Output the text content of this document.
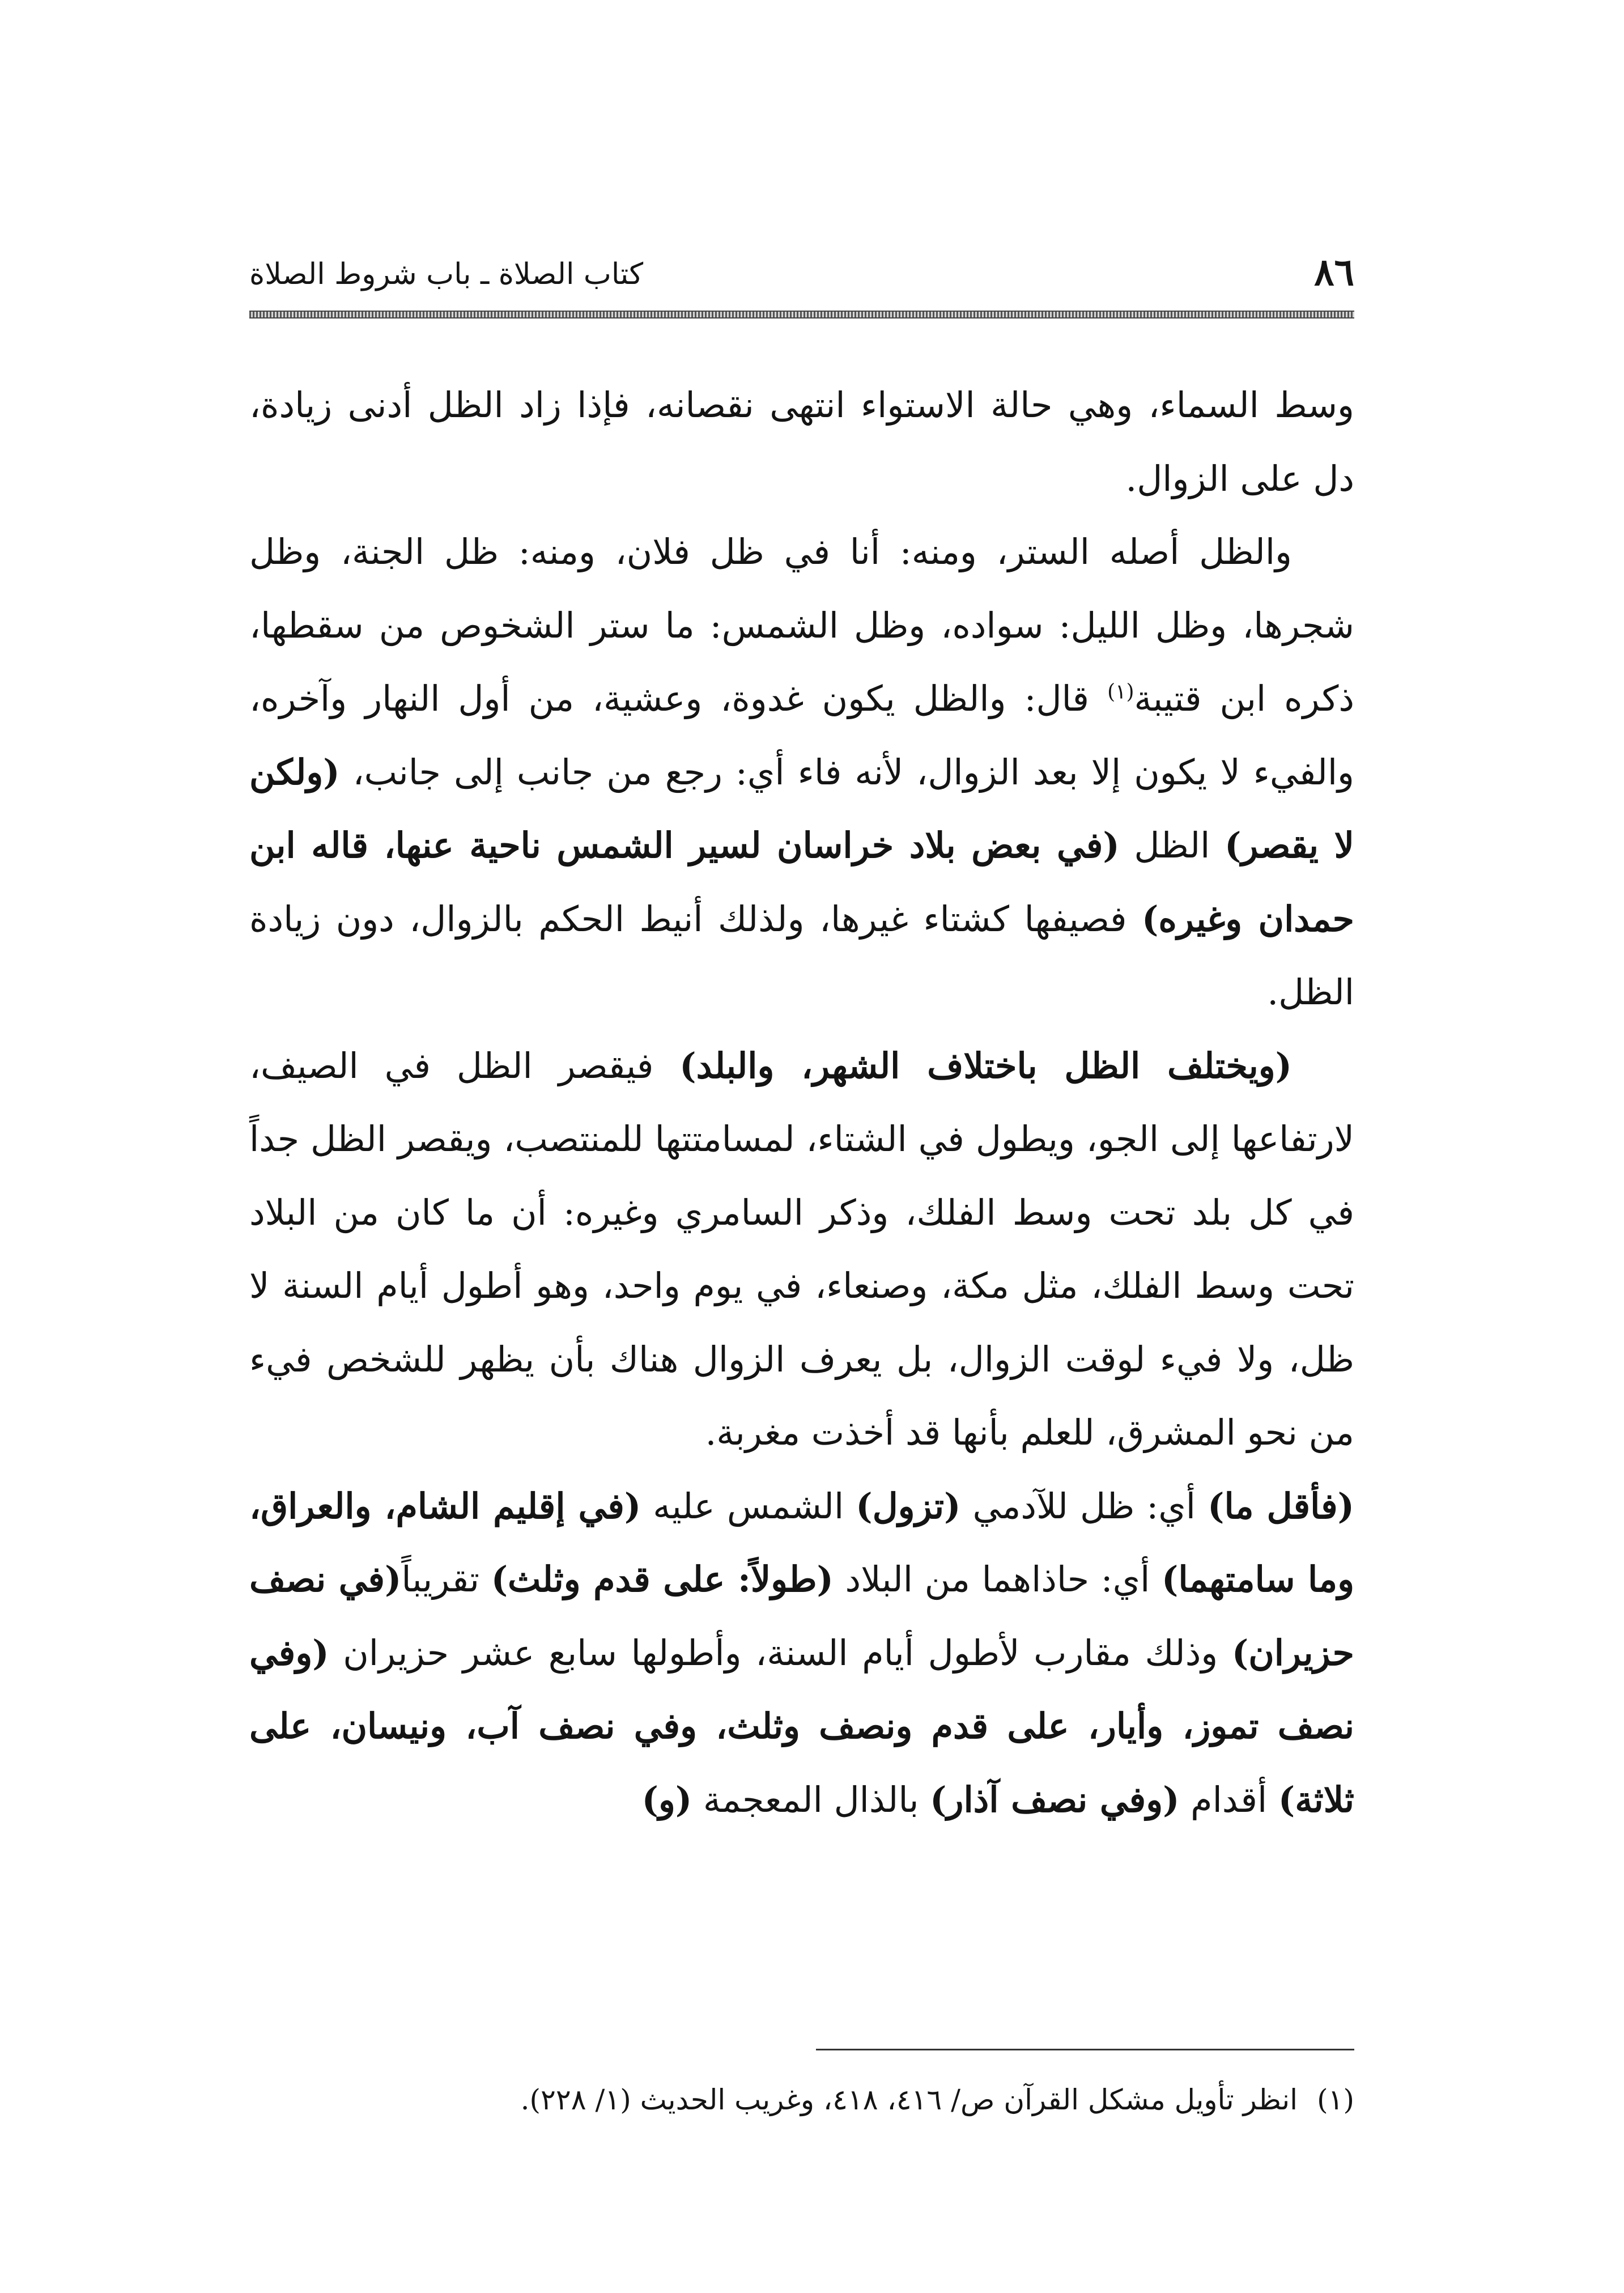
٨٦
كتاب الصلاة ـ باب شروط الصلاة

وسط السماء، وهي حالة الاستواء انتهى نقصانه، فإذا زاد الظل أدنى زيادة، دل على الزوال.

والظل أصله الستر، ومنه: أنا في ظل فلان، ومنه: ظل الجنة، وظل شجرها، وظل الليل: سواده، وظل الشمس: ما ستر الشخوص من سقطها، ذكره ابن قتيبة$^{(١)}$ قال: والظل يكون غدوة، وعشية، من أول النهار وآخره، والفيء لا يكون إلا بعد الزوال، لأنه فاء أي: رجع من جانب إلى جانب، (ولكن لا يقصر) الظل (في بعض بلاد خراسان لسير الشمس ناحية عنها، قاله ابن حمدان وغيره) فصيفها كشتاء غيرها، ولذلك أنيط الحكم بالزوال، دون زيادة الظل.

(ويختلف الظل باختلاف الشهر، والبلد) فيقصر الظل في الصيف، لارتفاعها إلى الجو، ويطول في الشتاء، لمسامتتها للمنتصب، ويقصر الظل جداً في كل بلد تحت وسط الفلك، وذكر السامري وغيره: أن ما كان من البلاد تحت وسط الفلك، مثل مكة، وصنعاء، في يوم واحد، وهو أطول أيام السنة لا ظل، ولا فيء لوقت الزوال، بل يعرف الزوال هناك بأن يظهر للشخص فيء من نحو المشرق، للعلم بأنها قد أخذت مغربة.

(فأقل ما) أي: ظل للآدمي (تزول) الشمس عليه (في إقليم الشام، والعراق، وما سامتهما) أي: حاذاهما من البلاد (طولاً: على قدم وثلث) تقريباً(في نصف حزيران) وذلك مقارب لأطول أيام السنة، وأطولها سابع عشر حزيران (وفي نصف تموز، وأيار، على قدم ونصف وثلث، وفي نصف آب، ونيسان، على ثلاثة) أقدام (وفي نصف آذار) بالذال المعجمة (و)

(١)
انظر تأويل مشكل القرآن ص/ ٤١٦، ٤١٨، وغريب الحديث (١/ ٢٢٨).
